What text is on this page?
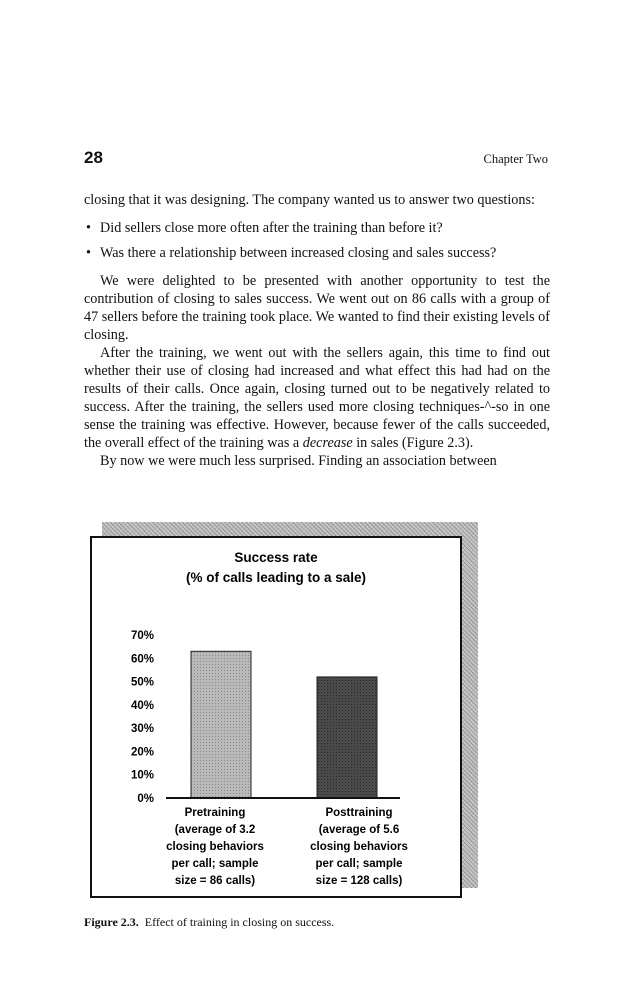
28	Chapter Two

closing that it was designing. The company wanted us to answer two questions:

• Did sellers close more often after the training than before it?
• Was there a relationship between increased closing and sales success?

We were delighted to be presented with another opportunity to test the contribution of closing to sales success. We went out on 86 calls with a group of 47 sellers before the training took place. We wanted to find their existing levels of closing.

After the training, we went out with the sellers again, this time to find out whether their use of closing had increased and what effect this had had on the results of their calls. Once again, closing turned out to be negatively related to success. After the training, the sellers used more closing techniques-^-so in one sense the training was effective. However, because fewer of the calls succeeded, the overall effect of the training was a decrease in sales (Figure 2.3).

By now we were much less surprised. Finding an association between

Success rate
(% of calls leading to a sale)
0%
10%
20%
30%
40%
50%
60%
70%
Pretraining
(average of 3.2
closing behaviors
per call; sample
size = 86 calls)
Posttraining
(average of 5.6
closing behaviors
per call; sample
size = 128 calls)
Figure 2.3. Effect of training in closing on success.
